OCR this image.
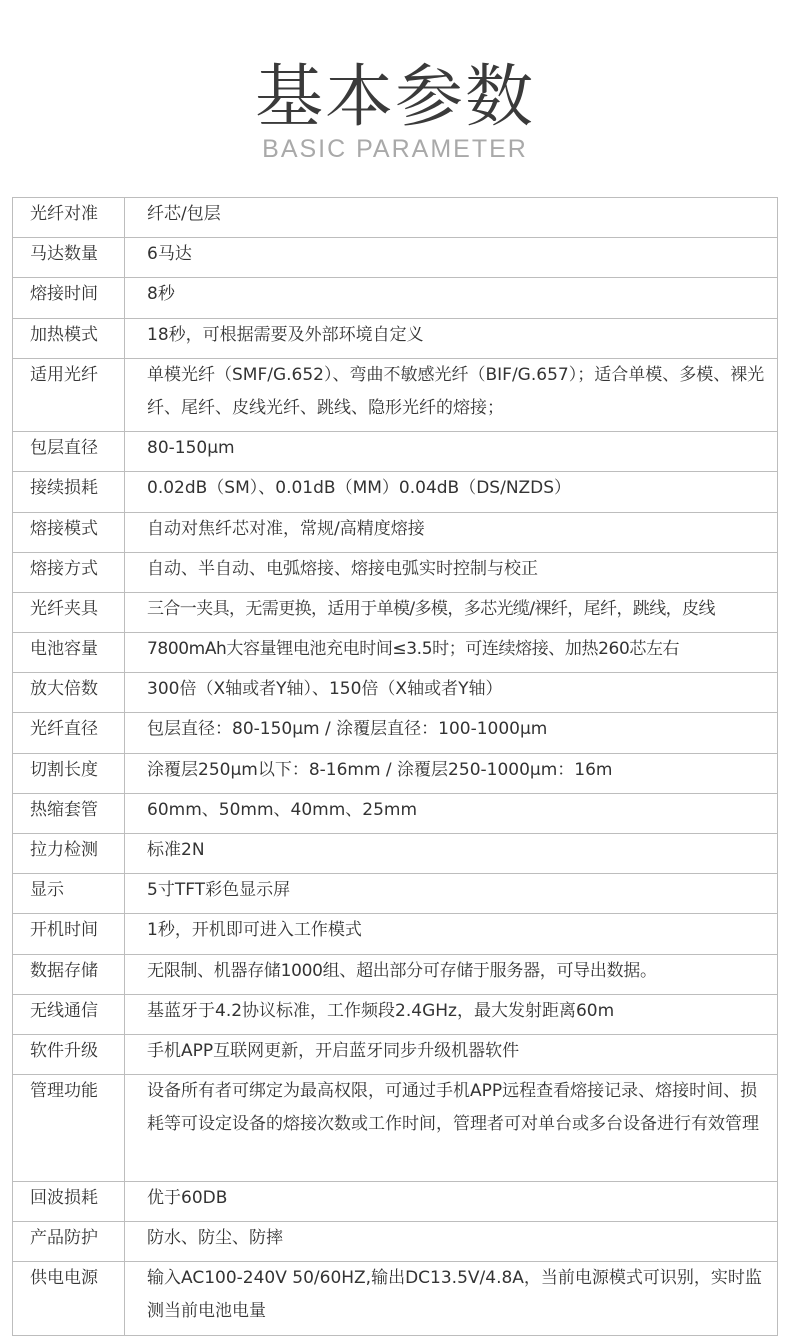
基本参数
BASIC PARAMETER
光纤对准	纤芯/包层

马达数量	6马达

熔接时间	8秒

加热模式	18秒，可根据需要及外部环境自定义

适用光纤	单模光纤（SMF/G.652）、弯曲不敏感光纤（BIF/G.657）；适合单模、多模、裸光纤、尾纤、皮线光纤、跳线、隐形光纤的熔接；

包层直径	80-150μm

接续损耗	0.02dB（SM）、0.01dB（MM）0.04dB（DS/NZDS）

熔接模式	自动对焦纤芯对准，常规/高精度熔接

熔接方式	自动、半自动、电弧熔接、熔接电弧实时控制与校正

光纤夹具	三合一夹具，无需更换，适用于单模/多模，多芯光缆/裸纤，尾纤，跳线，皮线

电池容量	7800mAh大容量锂电池充电时间≤3.5时；可连续熔接、加热260芯左右

放大倍数	300倍（X轴或者Y轴）、150倍（X轴或者Y轴）

光纤直径	包层直径：80-150μm / 涂覆层直径：100-1000μm

切割长度	涂覆层250μm以下：8-16mm / 涂覆层250-1000μm：16m

热缩套管	60mm、50mm、40mm、25mm

拉力检测	标准2N

显示	5寸TFT彩色显示屏

开机时间	1秒，开机即可进入工作模式

数据存储	无限制、机器存储1000组、超出部分可存储于服务器，可导出数据。

无线通信	基蓝牙于4.2协议标准，工作频段2.4GHz，最大发射距离60m

软件升级	手机APP互联网更新，开启蓝牙同步升级机器软件

管理功能	设备所有者可绑定为最高权限，可通过手机APP远程查看熔接记录、熔接时间、损耗等可设定设备的熔接次数或工作时间，管理者可对单台或多台设备进行有效管理

回波损耗	优于60DB

产品防护	防水、防尘、防摔

供电电源	输入AC100-240V 50/60HZ,输出DC13.5V/4.8A，当前电源模式可识别，实时监测当前电池电量
